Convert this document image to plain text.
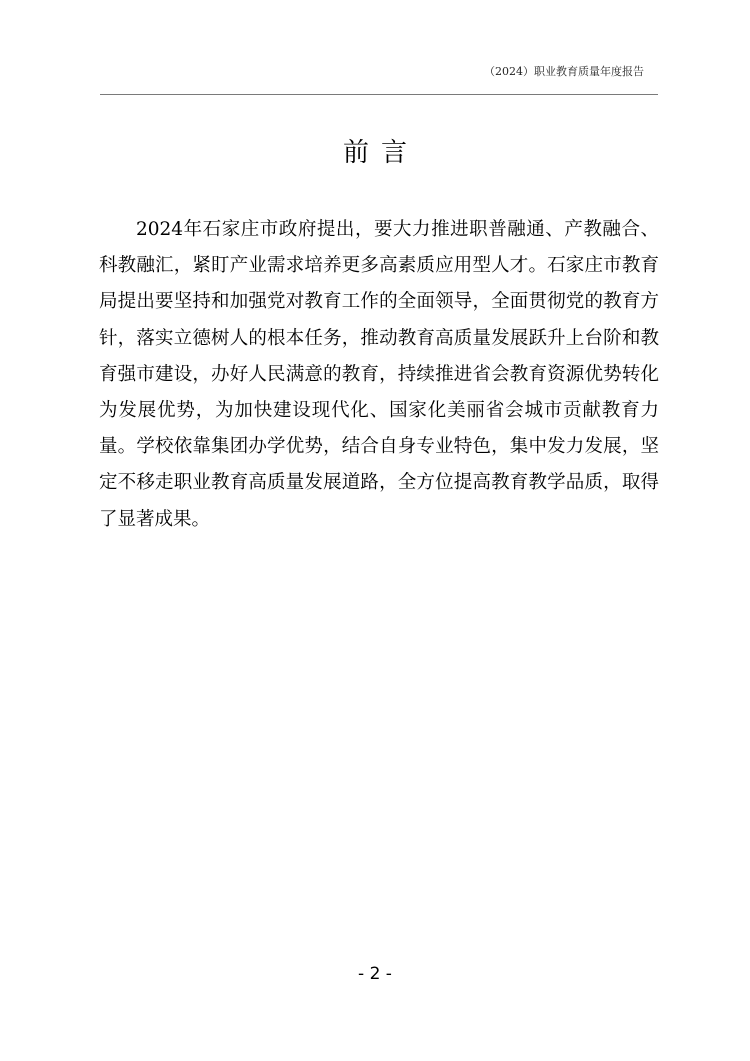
（2024）职业教育质量年度报告
前言

2024年石家庄市政府提出，要大力推进职普融通、产教融合、科教融汇，紧盯产业需求培养更多高素质应用型人才。石家庄市教育局提出要坚持和加强党对教育工作的全面领导，全面贯彻党的教育方针，落实立德树人的根本任务，推动教育高质量发展跃升上台阶和教育强市建设，办好人民满意的教育，持续推进省会教育资源优势转化为发展优势，为加快建设现代化、国家化美丽省会城市贡献教育力量。学校依靠集团办学优势，结合自身专业特色，集中发力发展，坚定不移走职业教育高质量发展道路，全方位提高教育教学品质，取得了显著成果。

- 2 -
